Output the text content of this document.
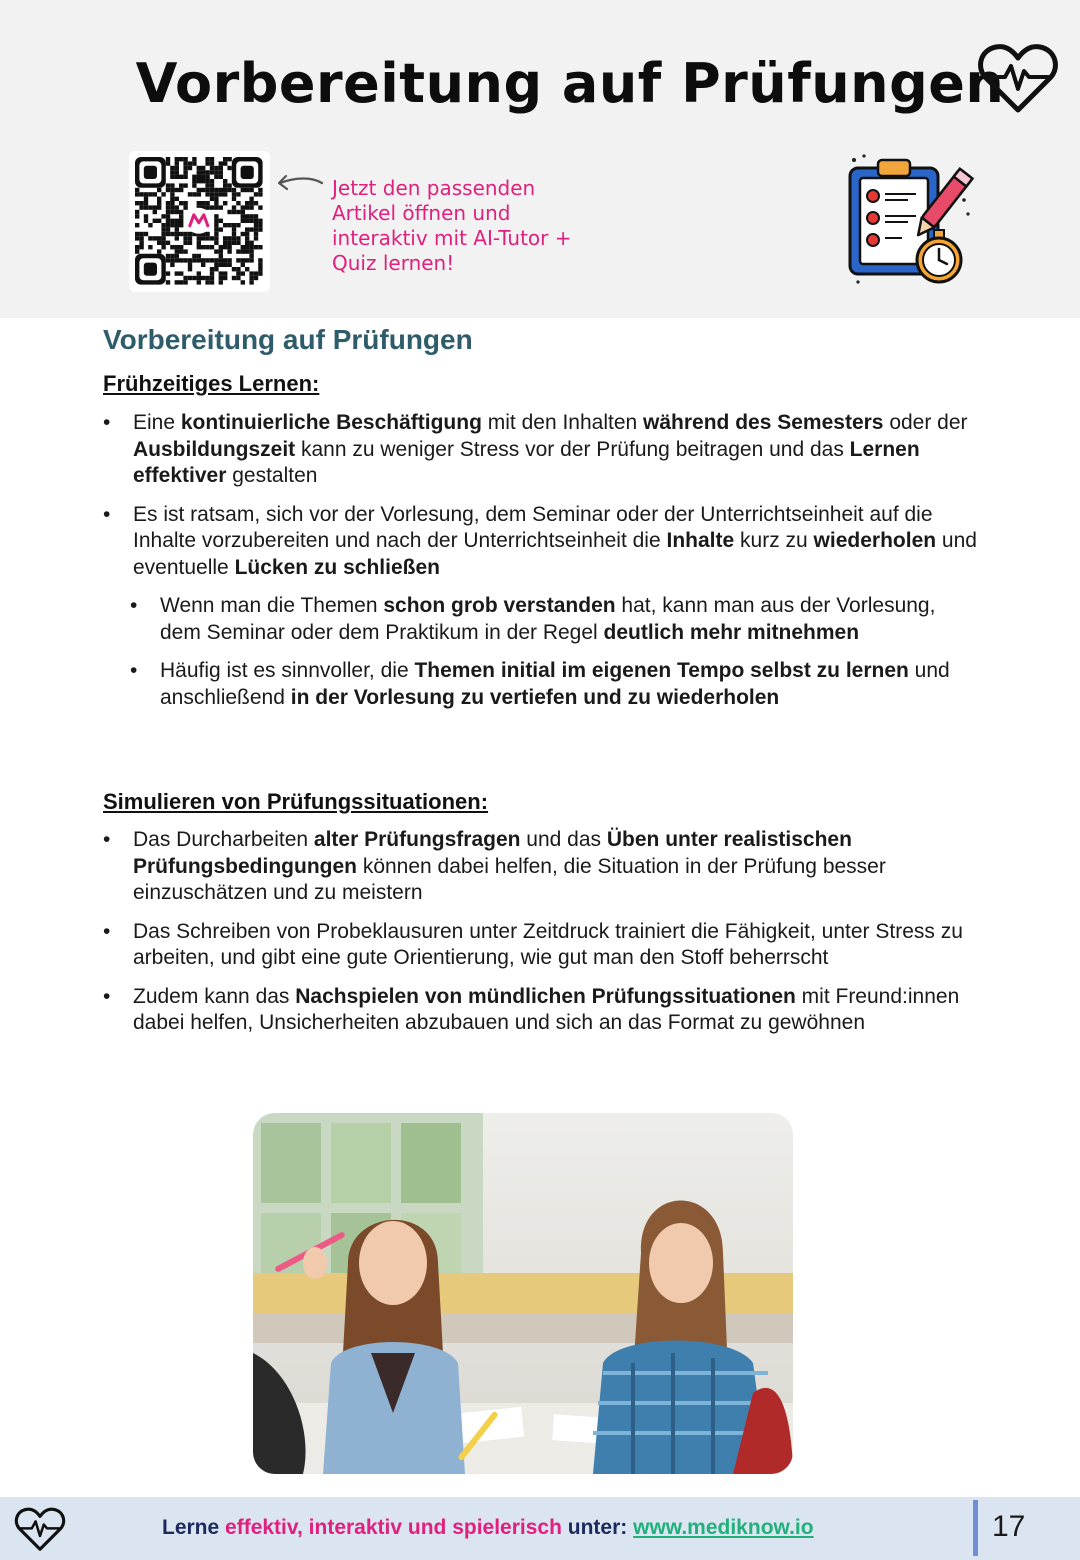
Vorbereitung auf Prüfungen

Jetzt den passenden Artikel öffnen und interaktiv mit AI-Tutor + Quiz lernen!

Vorbereitung auf Prüfungen
Frühzeitiges Lernen:
• Eine kontinuierliche Beschäftigung mit den Inhalten während des Semesters oder der Ausbildungszeit kann zu weniger Stress vor der Prüfung beitragen und das Lernen effektiver gestalten
• Es ist ratsam, sich vor der Vorlesung, dem Seminar oder der Unterrichtseinheit auf die Inhalte vorzubereiten und nach der Unterrichtseinheit die Inhalte kurz zu wiederholen und eventuelle Lücken zu schließen
• Wenn man die Themen schon grob verstanden hat, kann man aus der Vorlesung, dem Seminar oder dem Praktikum in der Regel deutlich mehr mitnehmen
• Häufig ist es sinnvoller, die Themen initial im eigenen Tempo selbst zu lernen und anschließend in der Vorlesung zu vertiefen und zu wiederholen
Simulieren von Prüfungssituationen:
• Das Durcharbeiten alter Prüfungsfragen und das Üben unter realistischen Prüfungsbedingungen können dabei helfen, die Situation in der Prüfung besser einzuschätzen und zu meistern
• Das Schreiben von Probeklausuren unter Zeitdruck trainiert die Fähigkeit, unter Stress zu arbeiten, und gibt eine gute Orientierung, wie gut man den Stoff beherrscht
• Zudem kann das Nachspielen von mündlichen Prüfungssituationen mit Freund:innen dabei helfen, Unsicherheiten abzubauen und sich an das Format zu gewöhnen

Lerne effektiv, interaktiv und spielerisch unter: www.mediknow.io	17
